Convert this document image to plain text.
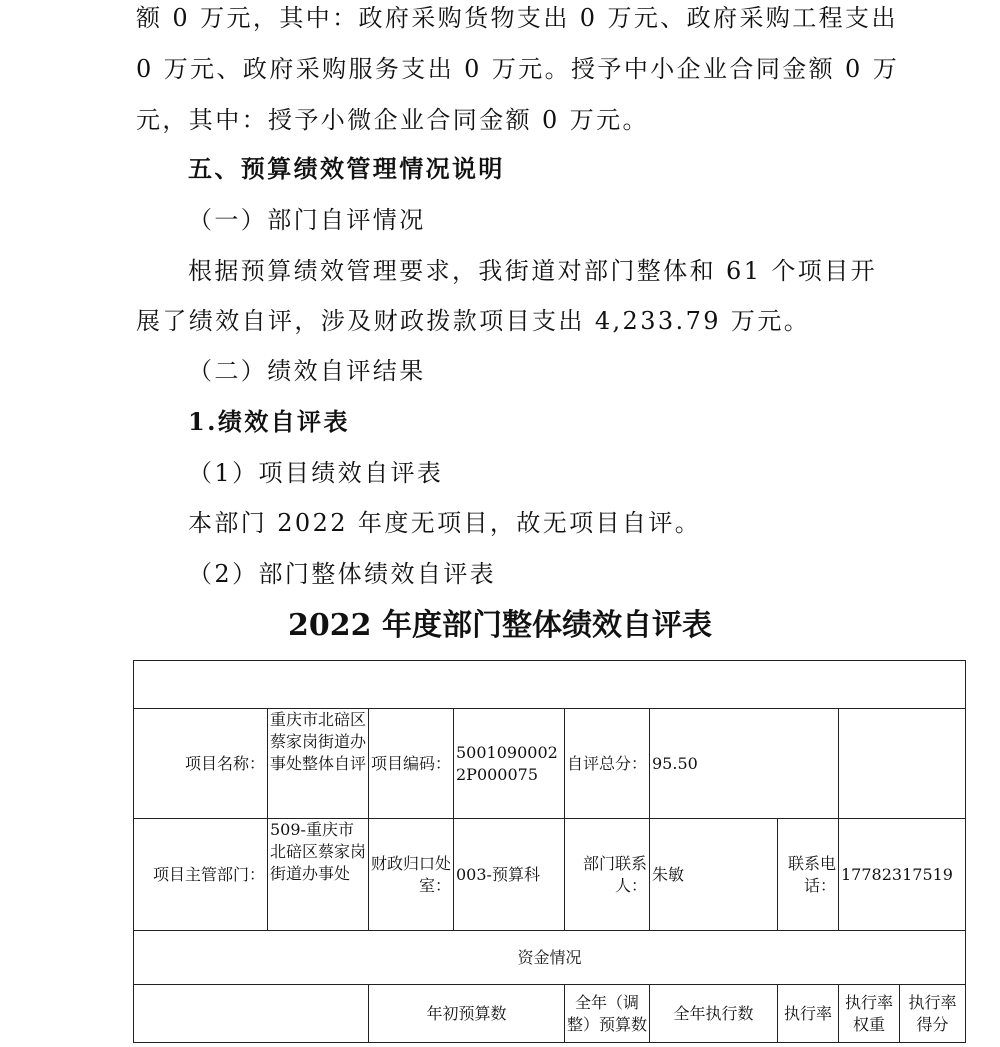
额 0 万元，其中：政府采购货物支出 0 万元、政府采购工程支出
0 万元、政府采购服务支出 0 万元。授予中小企业合同金额 0 万
元，其中：授予小微企业合同金额 0 万元。
五、预算绩效管理情况说明
（一）部门自评情况
根据预算绩效管理要求，我街道对部门整体和 61 个项目开
展了绩效自评，涉及财政拨款项目支出 4,233.79 万元。
（二）绩效自评结果
1.绩效自评表
（1）项目绩效自评表
本部门 2022 年度无项目，故无项目自评。
（2）部门整体绩效自评表
2022 年度部门整体绩效自评表

项目名称：	重庆市北碚区蔡家岗街道办事处整体自评	项目编码：	50010900022P000075	自评总分：	95.50			
项目主管部门：	509-重庆市北碚区蔡家岗街道办事处	财政归口处室：	003-预算科	部门联系人：	朱敏	联系电话：	17782317519	
资金情况								
		年初预算数		全年（调整）预算数	全年执行数	执行率	执行率权重	执行率得分
